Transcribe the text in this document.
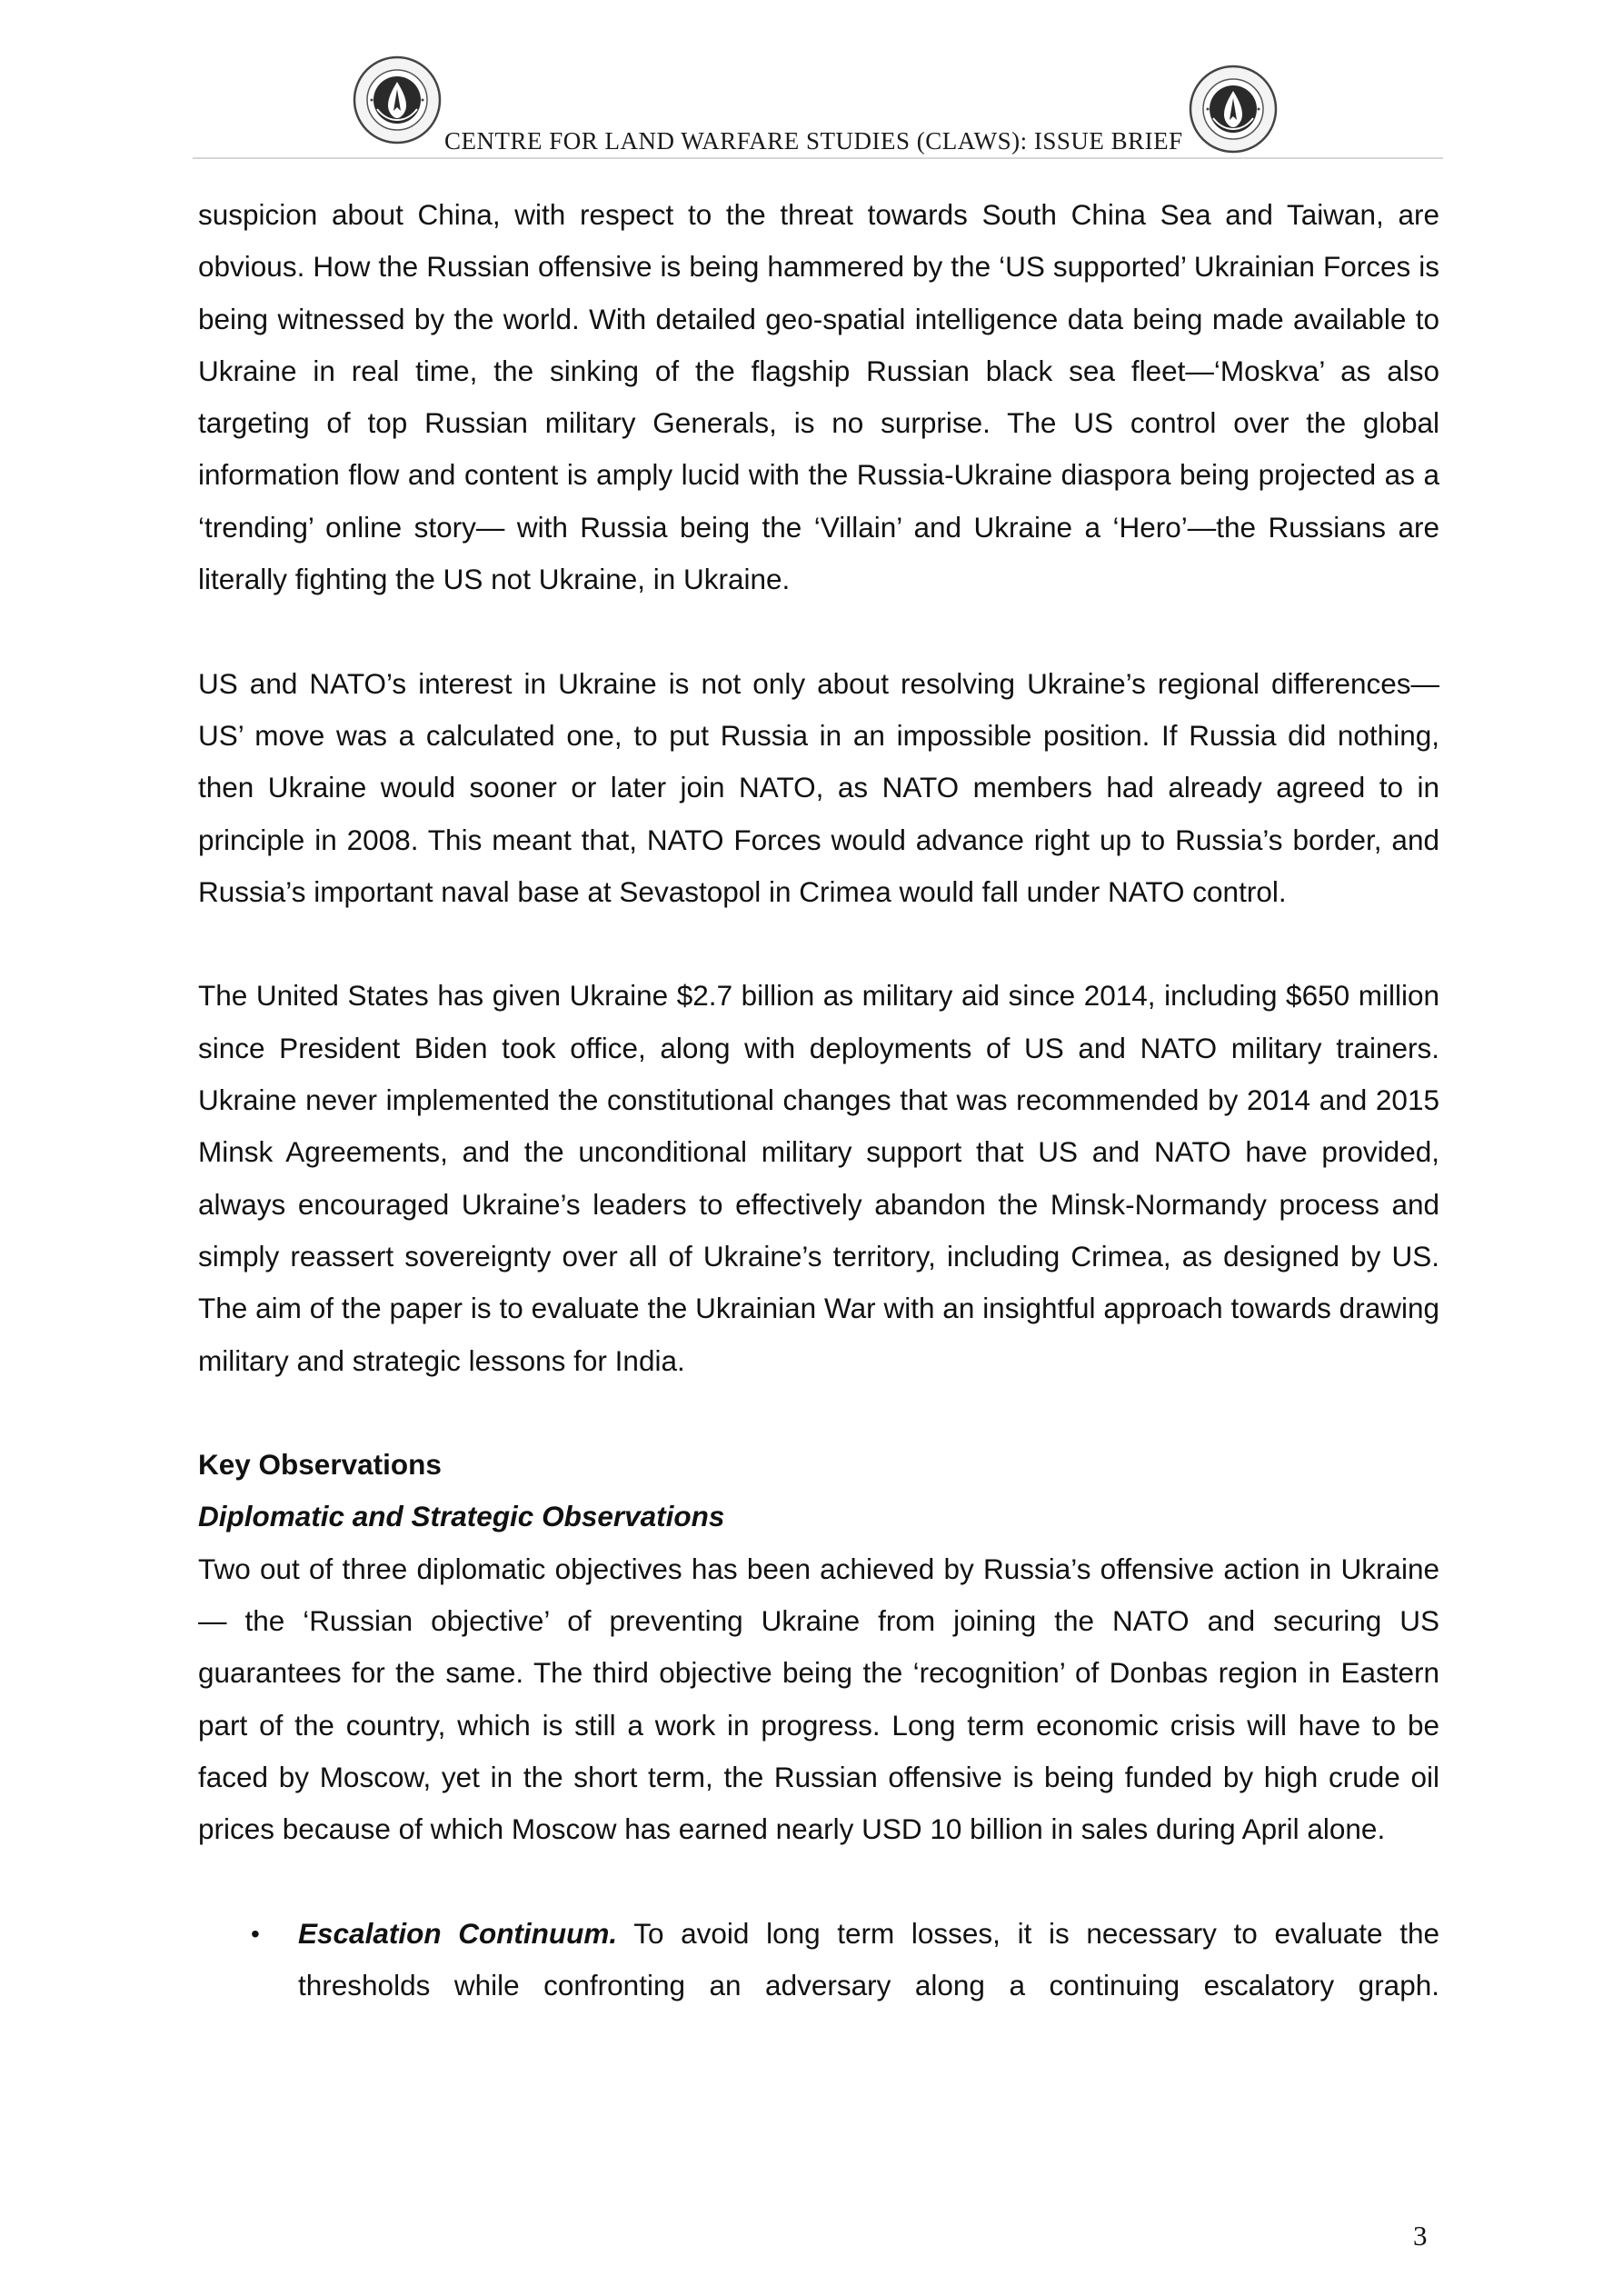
CENTRE FOR LAND WARFARE STUDIES (CLAWS): ISSUE BRIEF

suspicion about China, with respect to the threat towards South China Sea and Taiwan, are obvious. How the Russian offensive is being hammered by the ‘US supported’ Ukrainian Forces is being witnessed by the world. With detailed geo-spatial intelligence data being made available to Ukraine in real time, the sinking of the flagship Russian black sea fleet—‘Moskva’ as also targeting of top Russian military Generals, is no surprise. The US control over the global information flow and content is amply lucid with the Russia-Ukraine diaspora being projected as a ‘trending’ online story— with Russia being the ‘Villain’ and Ukraine a ‘Hero’—the Russians are literally fighting the US not Ukraine, in Ukraine.

US and NATO’s interest in Ukraine is not only about resolving Ukraine’s regional differences— US’ move was a calculated one, to put Russia in an impossible position. If Russia did nothing, then Ukraine would sooner or later join NATO, as NATO members had already agreed to in principle in 2008. This meant that, NATO Forces would advance right up to Russia’s border, and Russia’s important naval base at Sevastopol in Crimea would fall under NATO control.

The United States has given Ukraine $2.7 billion as military aid since 2014, including $650 million since President Biden took office, along with deployments of US and NATO military trainers. Ukraine never implemented the constitutional changes that was recommended by 2014 and 2015 Minsk Agreements, and the unconditional military support that US and NATO have provided, always encouraged Ukraine’s leaders to effectively abandon the Minsk-Normandy process and simply reassert sovereignty over all of Ukraine’s territory, including Crimea, as designed by US. The aim of the paper is to evaluate the Ukrainian War with an insightful approach towards drawing military and strategic lessons for India.

Key Observations

Diplomatic and Strategic Observations

Two out of three diplomatic objectives has been achieved by Russia’s offensive action in Ukraine — the ‘Russian objective’ of preventing Ukraine from joining the NATO and securing US guarantees for the same. The third objective being the ‘recognition’ of Donbas region in Eastern part of the country, which is still a work in progress. Long term economic crisis will have to be faced by Moscow, yet in the short term, the Russian offensive is being funded by high crude oil prices because of which Moscow has earned nearly USD 10 billion in sales during April alone.

• Escalation Continuum. To avoid long term losses, it is necessary to evaluate the thresholds while confronting an adversary along a continuing escalatory graph.
3
